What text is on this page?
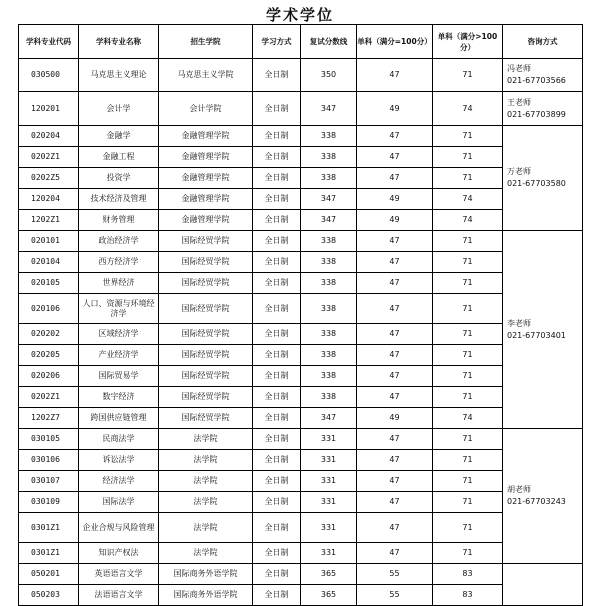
学术学位
学科专业代码	学科专业名称	招生学院	学习方式	复试分数线	单科（满分=100分）	单科（满分>100分）	咨询方式
030500	马克思主义理论	马克思主义学院	全日制	350	47	71	冯老师
021-67703566

120201	会计学	会计学院	全日制	347	49	74	王老师
021-67703899

020204	金融学	金融管理学院	全日制	338	47	71	万老师
021-67703580

0202Z1	金融工程	金融管理学院	全日制	338	47	71	
0202Z5	投资学	金融管理学院	全日制	338	47	71	
120204	技术经济及管理	金融管理学院	全日制	347	49	74	
1202Z1	财务管理	金融管理学院	全日制	347	49	74	
020101	政治经济学	国际经贸学院	全日制	338	47	71	李老师
021-67703401

020104	西方经济学	国际经贸学院	全日制	338	47	71	
020105	世界经济	国际经贸学院	全日制	338	47	71	
020106	人口、资源与环境经济学	国际经贸学院	全日制	338	47	71	
020202	区域经济学	国际经贸学院	全日制	338	47	71	
020205	产业经济学	国际经贸学院	全日制	338	47	71	
020206	国际贸易学	国际经贸学院	全日制	338	47	71	
0202Z1	数字经济	国际经贸学院	全日制	338	47	71	
1202Z7	跨国供应链管理	国际经贸学院	全日制	347	49	74	
030105	民商法学	法学院	全日制	331	47	71	胡老师
021-67703243

030106	诉讼法学	法学院	全日制	331	47	71	
030107	经济法学	法学院	全日制	331	47	71	
030109	国际法学	法学院	全日制	331	47	71	
0301Z1	企业合规与风险管理	法学院	全日制	331	47	71	
0301Z1	知识产权法	法学院	全日制	331	47	71	
050201	英语语言文学	国际商务外语学院	全日制	365	55	83	

050203	法语语言文学	国际商务外语学院	全日制	365	55	83	
